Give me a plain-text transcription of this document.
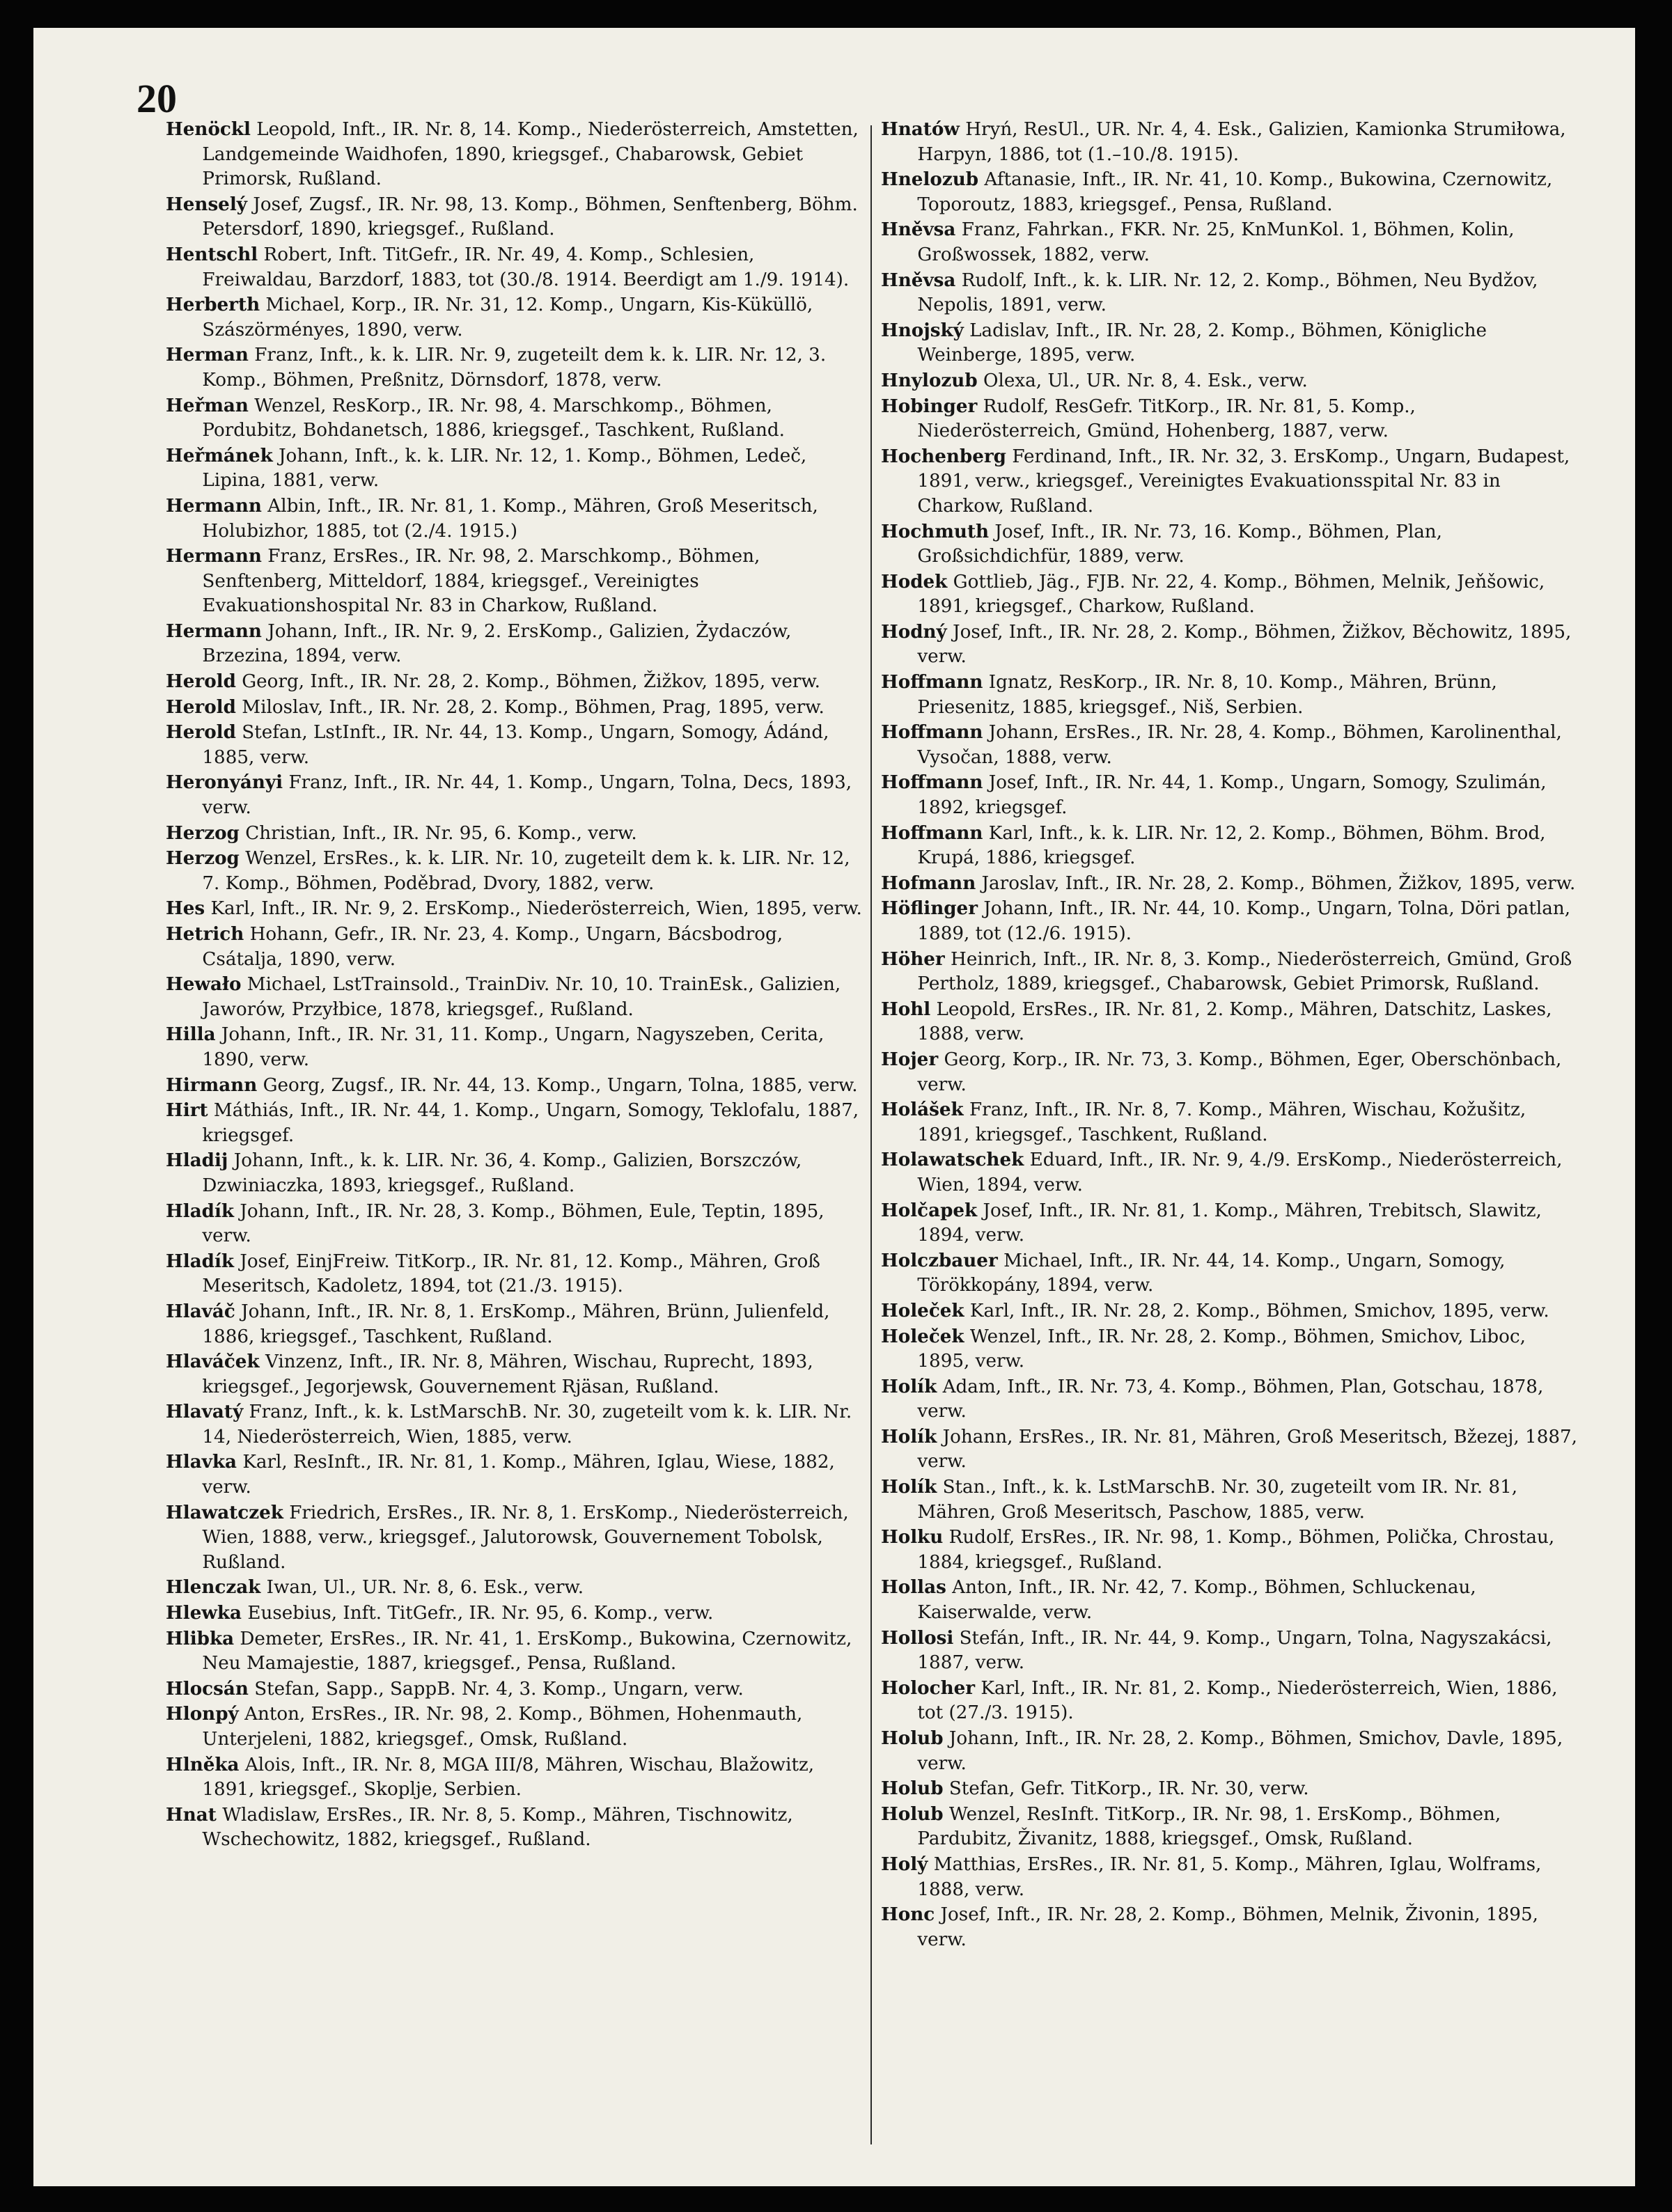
20

Henöckl Leopold, Inft., IR. Nr. 8, 14. Komp., Niederösterreich, Amstetten, Landgemeinde Waidhofen, 1890, kriegsgef., Chabarowsk, Gebiet Primorsk, Rußland.

Henselý Josef, Zugsf., IR. Nr. 98, 13. Komp., Böhmen, Senftenberg, Böhm. Petersdorf, 1890, kriegsgef., Rußland.

Hentschl Robert, Inft. TitGefr., IR. Nr. 49, 4. Komp., Schlesien, Freiwaldau, Barzdorf, 1883, tot (30./8. 1914. Beerdigt am 1./9. 1914).

Herberth Michael, Korp., IR. Nr. 31, 12. Komp., Ungarn, Kis-Küküllö, Szászörményes, 1890, verw.

Herman Franz, Inft., k. k. LIR. Nr. 9, zugeteilt dem k. k. LIR. Nr. 12, 3. Komp., Böhmen, Preßnitz, Dörnsdorf, 1878, verw.

Heřman Wenzel, ResKorp., IR. Nr. 98, 4. Marschkomp., Böhmen, Pordubitz, Bohdanetsch, 1886, kriegsgef., Taschkent, Rußland.

Heřmánek Johann, Inft., k. k. LIR. Nr. 12, 1. Komp., Böhmen, Ledeč, Lipina, 1881, verw.

Hermann Albin, Inft., IR. Nr. 81, 1. Komp., Mähren, Groß Meseritsch, Holubizhor, 1885, tot (2./4. 1915.)

Hermann Franz, ErsRes., IR. Nr. 98, 2. Marschkomp., Böhmen, Senftenberg, Mitteldorf, 1884, kriegsgef., Vereinigtes Evakuationshospital Nr. 83 in Charkow, Rußland.

Hermann Johann, Inft., IR. Nr. 9, 2. ErsKomp., Galizien, Żydaczów, Brzezina, 1894, verw.

Herold Georg, Inft., IR. Nr. 28, 2. Komp., Böhmen, Žižkov, 1895, verw.

Herold Miloslav, Inft., IR. Nr. 28, 2. Komp., Böhmen, Prag, 1895, verw.

Herold Stefan, LstInft., IR. Nr. 44, 13. Komp., Ungarn, Somogy, Ádánd, 1885, verw.

Heronyányi Franz, Inft., IR. Nr. 44, 1. Komp., Ungarn, Tolna, Decs, 1893, verw.

Herzog Christian, Inft., IR. Nr. 95, 6. Komp., verw.

Herzog Wenzel, ErsRes., k. k. LIR. Nr. 10, zugeteilt dem k. k. LIR. Nr. 12, 7. Komp., Böhmen, Poděbrad, Dvory, 1882, verw.

Hes Karl, Inft., IR. Nr. 9, 2. ErsKomp., Niederösterreich, Wien, 1895, verw.

Hetrich Hohann, Gefr., IR. Nr. 23, 4. Komp., Ungarn, Bácsbodrog, Csátalja, 1890, verw.

Hewało Michael, LstTrainsold., TrainDiv. Nr. 10, 10. TrainEsk., Galizien, Jaworów, Przyłbice, 1878, kriegsgef., Rußland.

Hilla Johann, Inft., IR. Nr. 31, 11. Komp., Ungarn, Nagyszeben, Cerita, 1890, verw.

Hirmann Georg, Zugsf., IR. Nr. 44, 13. Komp., Ungarn, Tolna, 1885, verw.

Hirt Máthiás, Inft., IR. Nr. 44, 1. Komp., Ungarn, Somogy, Teklofalu, 1887, kriegsgef.

Hladij Johann, Inft., k. k. LIR. Nr. 36, 4. Komp., Galizien, Borszczów, Dzwiniaczka, 1893, kriegsgef., Rußland.

Hladík Johann, Inft., IR. Nr. 28, 3. Komp., Böhmen, Eule, Teptin, 1895, verw.

Hladík Josef, EinjFreiw. TitKorp., IR. Nr. 81, 12. Komp., Mähren, Groß Meseritsch, Kadoletz, 1894, tot (21./3. 1915).

Hlaváč Johann, Inft., IR. Nr. 8, 1. ErsKomp., Mähren, Brünn, Julienfeld, 1886, kriegsgef., Taschkent, Rußland.

Hlaváček Vinzenz, Inft., IR. Nr. 8, Mähren, Wischau, Ruprecht, 1893, kriegsgef., Jegorjewsk, Gouvernement Rjäsan, Rußland.

Hlavatý Franz, Inft., k. k. LstMarschB. Nr. 30, zugeteilt vom k. k. LIR. Nr. 14, Niederösterreich, Wien, 1885, verw.

Hlavka Karl, ResInft., IR. Nr. 81, 1. Komp., Mähren, Iglau, Wiese, 1882, verw.

Hlawatczek Friedrich, ErsRes., IR. Nr. 8, 1. ErsKomp., Niederösterreich, Wien, 1888, verw., kriegsgef., Jalutorowsk, Gouvernement Tobolsk, Rußland.

Hlenczak Iwan, Ul., UR. Nr. 8, 6. Esk., verw.

Hlewka Eusebius, Inft. TitGefr., IR. Nr. 95, 6. Komp., verw.

Hlibka Demeter, ErsRes., IR. Nr. 41, 1. ErsKomp., Bukowina, Czernowitz, Neu Mamajestie, 1887, kriegsgef., Pensa, Rußland.

Hlocsán Stefan, Sapp., SappB. Nr. 4, 3. Komp., Ungarn, verw.

Hlonpý Anton, ErsRes., IR. Nr. 98, 2. Komp., Böhmen, Hohenmauth, Unterjeleni, 1882, kriegsgef., Omsk, Rußland.

Hlněka Alois, Inft., IR. Nr. 8, MGA III/8, Mähren, Wischau, Blažowitz, 1891, kriegsgef., Skoplje, Serbien.

Hnat Wladislaw, ErsRes., IR. Nr. 8, 5. Komp., Mähren, Tischnowitz, Wschechowitz, 1882, kriegsgef., Rußland.

Hnatów Hryń, ResUl., UR. Nr. 4, 4. Esk., Galizien, Kamionka Strumiłowa, Harpyn, 1886, tot (1.–10./8. 1915).

Hnelozub Aftanasie, Inft., IR. Nr. 41, 10. Komp., Bukowina, Czernowitz, Toporoutz, 1883, kriegsgef., Pensa, Rußland.

Hněvsa Franz, Fahrkan., FKR. Nr. 25, KnMunKol. 1, Böhmen, Kolin, Großwossek, 1882, verw.

Hněvsa Rudolf, Inft., k. k. LIR. Nr. 12, 2. Komp., Böhmen, Neu Bydžov, Nepolis, 1891, verw.

Hnojský Ladislav, Inft., IR. Nr. 28, 2. Komp., Böhmen, Königliche Weinberge, 1895, verw.

Hnylozub Olexa, Ul., UR. Nr. 8, 4. Esk., verw.

Hobinger Rudolf, ResGefr. TitKorp., IR. Nr. 81, 5. Komp., Niederösterreich, Gmünd, Hohenberg, 1887, verw.

Hochenberg Ferdinand, Inft., IR. Nr. 32, 3. ErsKomp., Ungarn, Budapest, 1891, verw., kriegsgef., Vereinigtes Evakuationsspital Nr. 83 in Charkow, Rußland.

Hochmuth Josef, Inft., IR. Nr. 73, 16. Komp., Böhmen, Plan, Großsichdichfür, 1889, verw.

Hodek Gottlieb, Jäg., FJB. Nr. 22, 4. Komp., Böhmen, Melnik, Jeňšowic, 1891, kriegsgef., Charkow, Rußland.

Hodný Josef, Inft., IR. Nr. 28, 2. Komp., Böhmen, Žižkov, Běchowitz, 1895, verw.

Hoffmann Ignatz, ResKorp., IR. Nr. 8, 10. Komp., Mähren, Brünn, Priesenitz, 1885, kriegsgef., Niš, Serbien.

Hoffmann Johann, ErsRes., IR. Nr. 28, 4. Komp., Böhmen, Karolinenthal, Vysočan, 1888, verw.

Hoffmann Josef, Inft., IR. Nr. 44, 1. Komp., Ungarn, Somogy, Szulimán, 1892, kriegsgef.

Hoffmann Karl, Inft., k. k. LIR. Nr. 12, 2. Komp., Böhmen, Böhm. Brod, Krupá, 1886, kriegsgef.

Hofmann Jaroslav, Inft., IR. Nr. 28, 2. Komp., Böhmen, Žižkov, 1895, verw.

Höflinger Johann, Inft., IR. Nr. 44, 10. Komp., Ungarn, Tolna, Döri patlan, 1889, tot (12./6. 1915).

Höher Heinrich, Inft., IR. Nr. 8, 3. Komp., Niederösterreich, Gmünd, Groß Pertholz, 1889, kriegsgef., Chabarowsk, Gebiet Primorsk, Rußland.

Hohl Leopold, ErsRes., IR. Nr. 81, 2. Komp., Mähren, Datschitz, Laskes, 1888, verw.

Hojer Georg, Korp., IR. Nr. 73, 3. Komp., Böhmen, Eger, Oberschönbach, verw.

Holášek Franz, Inft., IR. Nr. 8, 7. Komp., Mähren, Wischau, Kožušitz, 1891, kriegsgef., Taschkent, Rußland.

Holawatschek Eduard, Inft., IR. Nr. 9, 4./9. ErsKomp., Niederösterreich, Wien, 1894, verw.

Holčapek Josef, Inft., IR. Nr. 81, 1. Komp., Mähren, Trebitsch, Slawitz, 1894, verw.

Holczbauer Michael, Inft., IR. Nr. 44, 14. Komp., Ungarn, Somogy, Törökkopány, 1894, verw.

Holeček Karl, Inft., IR. Nr. 28, 2. Komp., Böhmen, Smichov, 1895, verw.

Holeček Wenzel, Inft., IR. Nr. 28, 2. Komp., Böhmen, Smichov, Liboc, 1895, verw.

Holík Adam, Inft., IR. Nr. 73, 4. Komp., Böhmen, Plan, Gotschau, 1878, verw.

Holík Johann, ErsRes., IR. Nr. 81, Mähren, Groß Meseritsch, Bžezej, 1887, verw.

Holík Stan., Inft., k. k. LstMarschB. Nr. 30, zugeteilt vom IR. Nr. 81, Mähren, Groß Meseritsch, Paschow, 1885, verw.

Holku Rudolf, ErsRes., IR. Nr. 98, 1. Komp., Böhmen, Polička, Chrostau, 1884, kriegsgef., Rußland.

Hollas Anton, Inft., IR. Nr. 42, 7. Komp., Böhmen, Schluckenau, Kaiserwalde, verw.

Hollosi Stefán, Inft., IR. Nr. 44, 9. Komp., Ungarn, Tolna, Nagyszakácsi, 1887, verw.

Holocher Karl, Inft., IR. Nr. 81, 2. Komp., Niederösterreich, Wien, 1886, tot (27./3. 1915).

Holub Johann, Inft., IR. Nr. 28, 2. Komp., Böhmen, Smichov, Davle, 1895, verw.

Holub Stefan, Gefr. TitKorp., IR. Nr. 30, verw.

Holub Wenzel, ResInft. TitKorp., IR. Nr. 98, 1. ErsKomp., Böhmen, Pardubitz, Živanitz, 1888, kriegsgef., Omsk, Rußland.

Holý Matthias, ErsRes., IR. Nr. 81, 5. Komp., Mähren, Iglau, Wolframs, 1888, verw.

Honc Josef, Inft., IR. Nr. 28, 2. Komp., Böhmen, Melnik, Živonin, 1895, verw.
